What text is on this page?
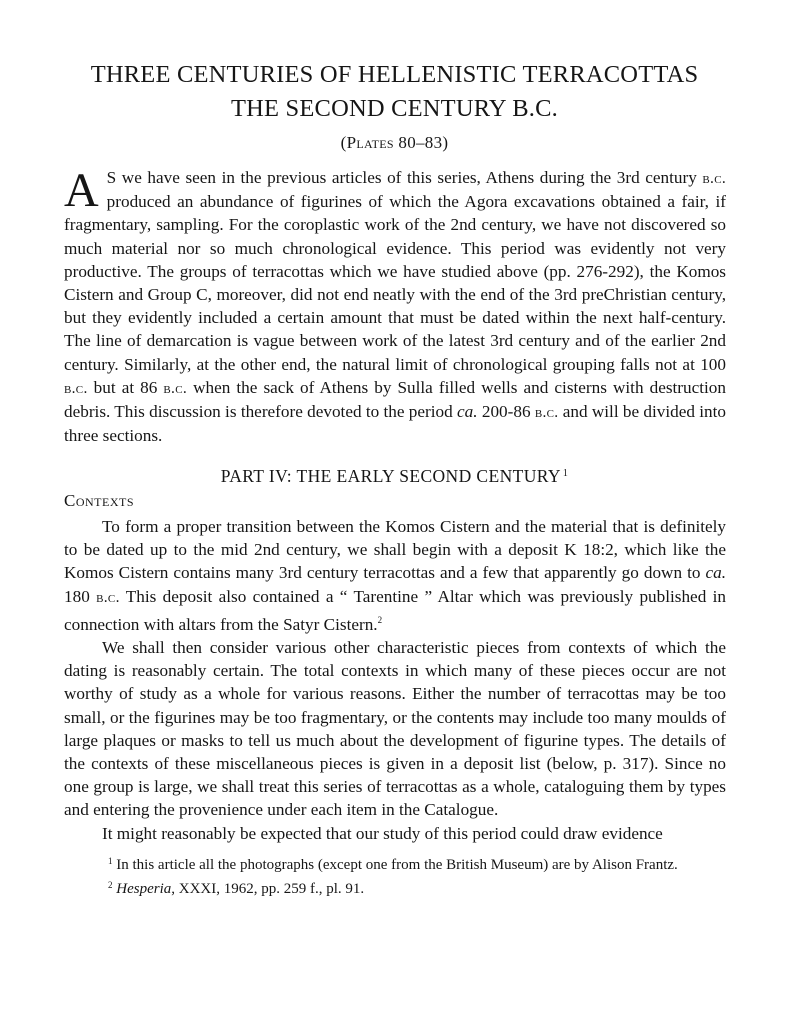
THREE CENTURIES OF HELLENISTIC TERRACOTTAS
THE SECOND CENTURY B.C.
(Plates 80–83)

A S we have seen in the previous articles of this series, Athens during the 3rd century b.c. produced an abundance of figurines of which the Agora excavations obtained a fair, if fragmentary, sampling. For the coroplastic work of the 2nd century, we have not discovered so much material nor so much chronological evidence. This period was evidently not very productive. The groups of terracottas which we have studied above (pp. 276-292), the Komos Cistern and Group C, moreover, did not end neatly with the end of the 3rd preChristian century, but they evidently included a certain amount that must be dated within the next half-century. The line of demarcation is vague between work of the latest 3rd century and of the earlier 2nd century. Similarly, at the other end, the natural limit of chronological grouping falls not at 100 b.c. but at 86 b.c. when the sack of Athens by Sulla filled wells and cisterns with destruction debris. This discussion is therefore devoted to the period ca. 200-86 b.c. and will be divided into three sections.

PART IV: THE EARLY SECOND CENTURY $^1$
Contexts

To form a proper transition between the Komos Cistern and the material that is definitely to be dated up to the mid 2nd century, we shall begin with a deposit K 18:2, which like the Komos Cistern contains many 3rd century terracottas and a few that apparently go down to ca. 180 b.c. This deposit also contained a “ Tarentine ” Altar which was previously published in connection with altars from the Satyr Cistern.$^2$

We shall then consider various other characteristic pieces from contexts of which the dating is reasonably certain. The total contexts in which many of these pieces occur are not worthy of study as a whole for various reasons. Either the number of terracottas may be too small, or the figurines may be too fragmentary, or the contents may include too many moulds of large plaques or masks to tell us much about the development of figurine types. The details of the contexts of these miscellaneous pieces is given in a deposit list (below, p. 317). Since no one group is large, we shall treat this series of terracottas as a whole, cataloguing them by types and entering the provenience under each item in the Catalogue.

It might reasonably be expected that our study of this period could draw evidence

$^1$ In this article all the photographs (except one from the British Museum) are by Alison Frantz.
$^2$ Hesperia, XXXI, 1962, pp. 259 f., pl. 91.
